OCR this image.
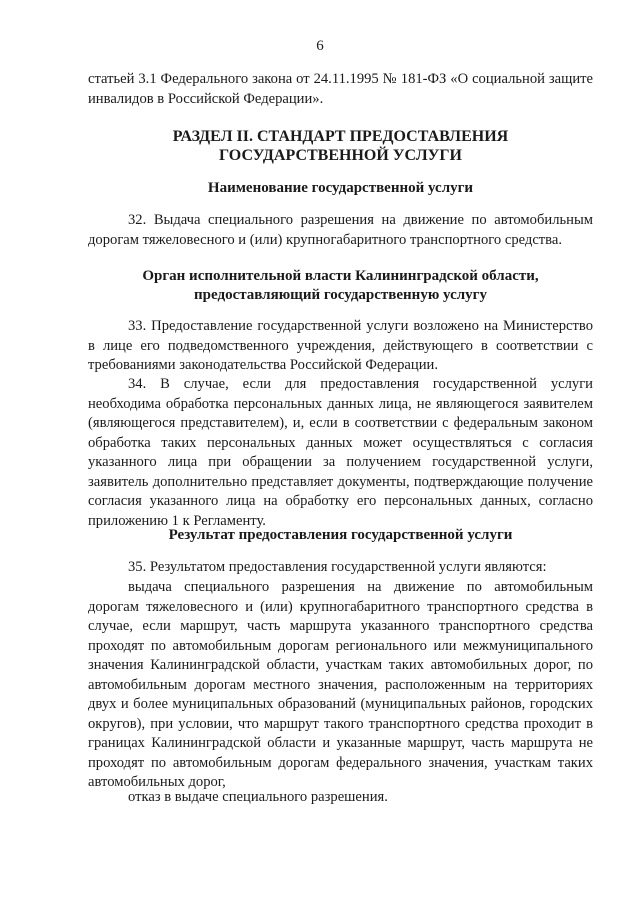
6

статьей 3.1 Федерального закона от 24.11.1995 № 181-ФЗ «О социальной защите инвалидов в Российской Федерации».

РАЗДЕЛ II. СТАНДАРТ ПРЕДОСТАВЛЕНИЯ
ГОСУДАРСТВЕННОЙ УСЛУГИ
Наименование государственной услуги

32. Выдача специального разрешения на движение по автомобильным дорогам тяжеловесного и (или) крупногабаритного транспортного средства.

Орган исполнительной власти Калининградской области,
предоставляющий государственную услугу

33. Предоставление государственной услуги возложено на Министерство в лице его подведомственного учреждения, действующего в соответствии с требованиями законодательства Российской Федерации.

34. В случае, если для предоставления государственной услуги необходима обработка персональных данных лица, не являющегося заявителем (являющегося представителем), и, если в соответствии с федеральным законом обработка таких персональных данных может осуществляться с согласия указанного лица при обращении за получением государственной услуги, заявитель дополнительно представляет документы, подтверждающие получение согласия указанного лица на обработку его персональных данных, согласно приложению 1 к Регламенту.

Результат предоставления государственной услуги

35. Результатом предоставления государственной услуги являются:

выдача специального разрешения на движение по автомобильным дорогам тяжеловесного и (или) крупногабаритного транспортного средства в случае, если маршрут, часть маршрута указанного транспортного средства проходят по автомобильным дорогам регионального или межмуниципального значения Калининградской области, участкам таких автомобильных дорог, по автомобильным дорогам местного значения, расположенным на территориях двух и более муниципальных образований (муниципальных районов, городских округов), при условии, что маршрут такого транспортного средства проходит в границах Калининградской области и указанные маршрут, часть маршрута не проходят по автомобильным дорогам федерального значения, участкам таких автомобильных дорог,

отказ в выдаче специального разрешения.
